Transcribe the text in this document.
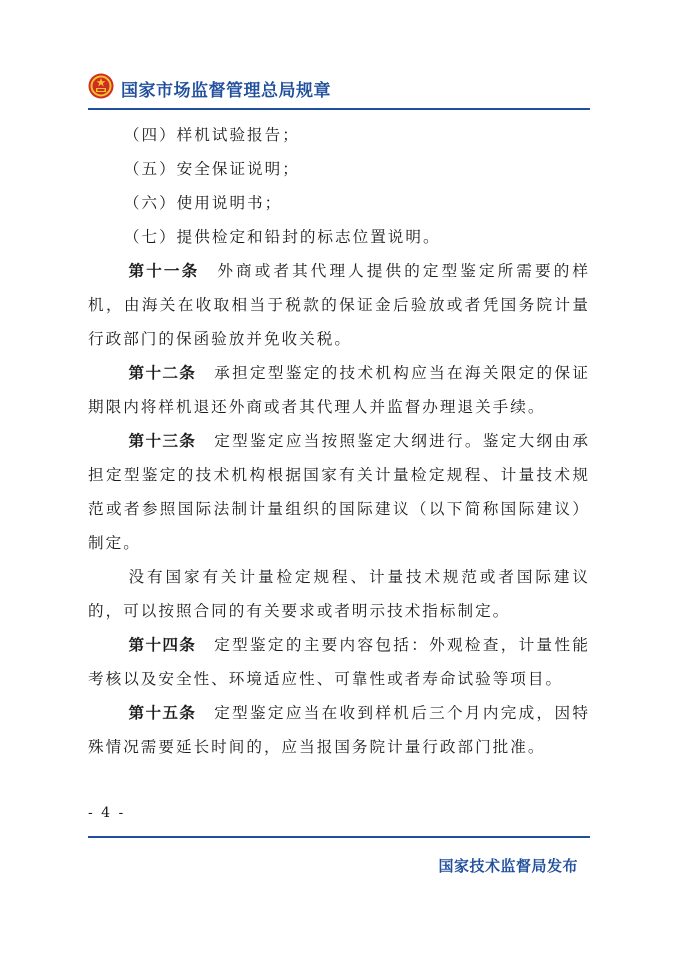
国家市场监督管理总局规章

（四）样机试验报告；

（五）安全保证说明；

（六）使用说明书；

（七）提供检定和铅封的标志位置说明。

第十一条 外商或者其代理人提供的定型鉴定所需要的样机，由海关在收取相当于税款的保证金后验放或者凭国务院计量行政部门的保函验放并免收关税。

第十二条 承担定型鉴定的技术机构应当在海关限定的保证期限内将样机退还外商或者其代理人并监督办理退关手续。

第十三条 定型鉴定应当按照鉴定大纲进行。鉴定大纲由承担定型鉴定的技术机构根据国家有关计量检定规程、计量技术规范或者参照国际法制计量组织的国际建议（以下简称国际建议）制定。

没有国家有关计量检定规程、计量技术规范或者国际建议的，可以按照合同的有关要求或者明示技术指标制定。

第十四条 定型鉴定的主要内容包括：外观检查，计量性能考核以及安全性、环境适应性、可靠性或者寿命试验等项目。

第十五条 定型鉴定应当在收到样机后三个月内完成，因特殊情况需要延长时间的，应当报国务院计量行政部门批准。

- 4 -
国家技术监督局发布
